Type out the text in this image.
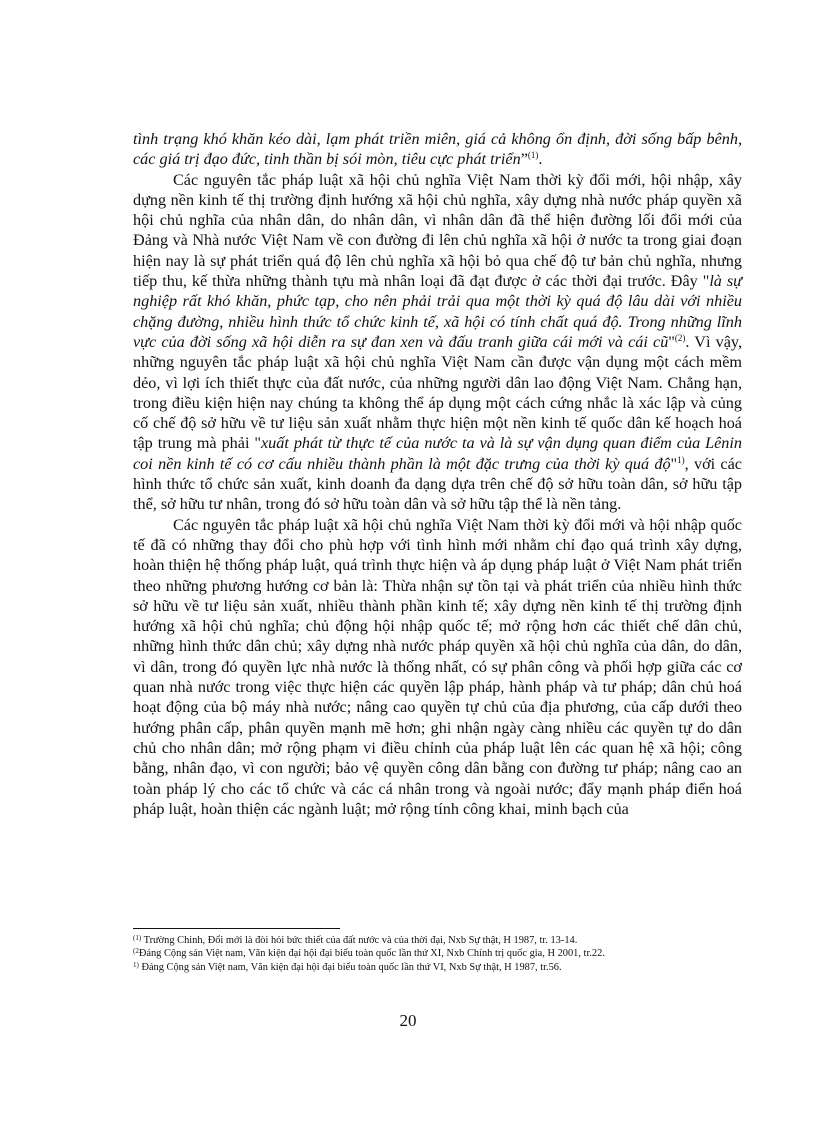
tình trạng khó khăn kéo dài, lạm phát triền miên, giá cả không ổn định, đời sống bấp bênh, các giá trị đạo đức, tinh thần bị sói mòn, tiêu cực phát triển”$^{(1)}$.

Các nguyên tắc pháp luật xã hội chủ nghĩa Việt Nam thời kỳ đổi mới, hội nhập, xây dựng nền kinh tế thị trường định hướng xã hội chủ nghĩa, xây dựng nhà nước pháp quyền xã hội chủ nghĩa của nhân dân, do nhân dân, vì nhân dân đã thể hiện đường lối đổi mới của Đảng và Nhà nước Việt Nam về con đường đi lên chủ nghĩa xã hội ở nước ta trong giai đoạn hiện nay là sự phát triển quá độ lên chủ nghĩa xã hội bỏ qua chế độ tư bản chủ nghĩa, nhưng tiếp thu, kế thừa những thành tựu mà nhân loại đã đạt được ở các thời đại trước. Đây "là sự nghiệp rất khó khăn, phức tạp, cho nên phải trải qua một thời kỳ quá độ lâu dài với nhiều chặng đường, nhiều hình thức tổ chức kinh tế, xã hội có tính chất quá độ. Trong những lĩnh vực của đời sống xã hội diễn ra sự đan xen và đấu tranh giữa cái mới và cái cũ"$^{(2)}$. Vì vậy, những nguyên tắc pháp luật xã hội chủ nghĩa Việt Nam cần được vận dụng một cách mềm dẻo, vì lợi ích thiết thực của đất nước, của những người dân lao động Việt Nam. Chẳng hạn, trong điều kiện hiện nay chúng ta không thể áp dụng một cách cứng nhắc là xác lập và củng cố chế độ sở hữu về tư liệu sản xuất nhằm thực hiện một nền kinh tế quốc dân kế hoạch hoá tập trung mà phải "xuất phát từ thực tế của nước ta và là sự vận dụng quan điểm của Lênin coi nền kinh tế có cơ cấu nhiều thành phần là một đặc trưng của thời kỳ quá độ"$^{1)}$, với các hình thức tổ chức sản xuất, kinh doanh đa dạng dựa trên chế độ sở hữu toàn dân, sở hữu tập thể, sở hữu tư nhân, trong đó sở hữu toàn dân và sở hữu tập thể là nền tảng.

Các nguyên tắc pháp luật xã hội chủ nghĩa Việt Nam thời kỳ đổi mới và hội nhập quốc tế đã có những thay đổi cho phù hợp với tình hình mới nhằm chỉ đạo quá trình xây dựng, hoàn thiện hệ thống pháp luật, quá trình thực hiện và áp dụng pháp luật ở Việt Nam phát triển theo những phương hướng cơ bản là: Thừa nhận sự tồn tại và phát triển của nhiều hình thức sở hữu về tư liệu sản xuất, nhiều thành phần kinh tế; xây dựng nền kinh tế thị trường định hướng xã hội chủ nghĩa; chủ động hội nhập quốc tế; mở rộng hơn các thiết chế dân chủ, những hình thức dân chủ; xây dựng nhà nước pháp quyền xã hội chủ nghĩa của dân, do dân, vì dân, trong đó quyền lực nhà nước là thống nhất, có sự phân công và phối hợp giữa các cơ quan nhà nước trong việc thực hiện các quyền lập pháp, hành pháp và tư pháp; dân chủ hoá hoạt động của bộ máy nhà nước; nâng cao quyền tự chủ của địa phương, của cấp dưới theo hướng phân cấp, phân quyền mạnh mẽ hơn; ghi nhận ngày càng nhiều các quyền tự do dân chủ cho nhân dân; mở rộng phạm vi điều chỉnh của pháp luật lên các quan hệ xã hội; công bằng, nhân đạo, vì con người; bảo vệ quyền công dân bằng con đường tư pháp; nâng cao an toàn pháp lý cho các tổ chức và các cá nhân trong và ngoài nước; đẩy mạnh pháp điển hoá pháp luật, hoàn thiện các ngành luật; mở rộng tính công khai, minh bạch của

$^{(1)}$ Trường Chinh, Đổi mới là đòi hỏi bức thiết của đất nước và của thời đại, Nxb Sự thật, H 1987, tr. 13-14.
$^{(2}$Đảng Cộng sản Việt nam, Văn kiện đại hội đại biểu toàn quốc lần thứ XI, Nxb Chính trị quốc gia, H 2001, tr.22.
$^{1)}$ Đảng Cộng sản Việt nam, Văn kiện đại hội đại biểu toàn quốc lần thứ VI, Nxb Sự thật, H 1987, tr.56.
20
